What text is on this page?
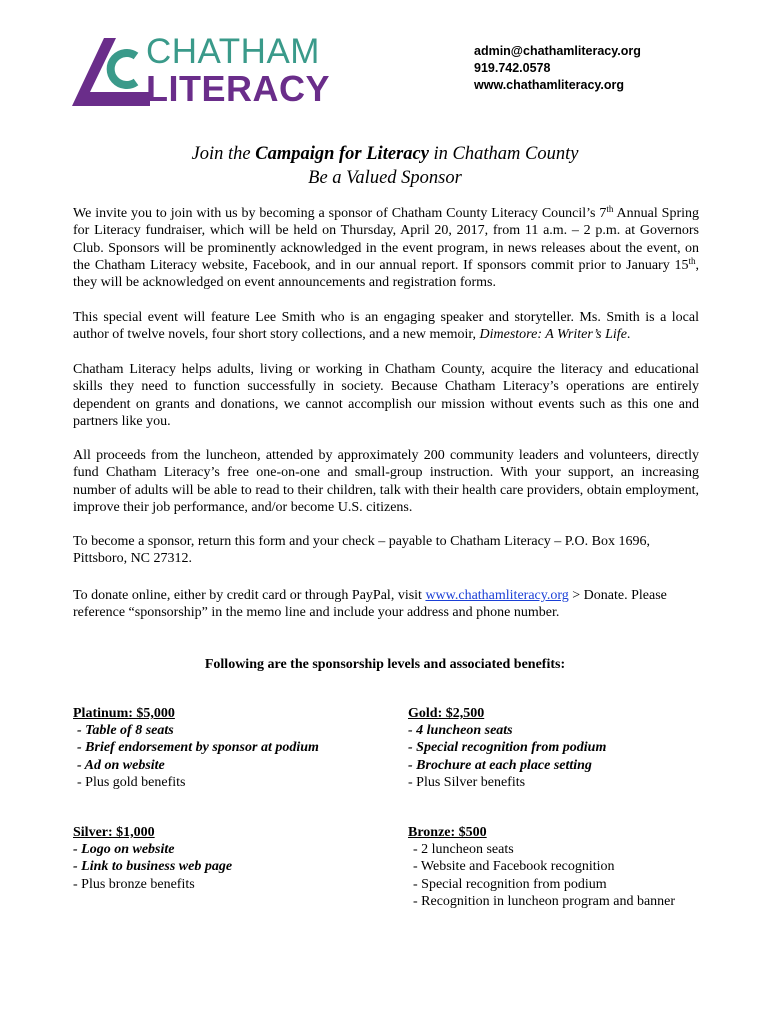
CHATHAM
LITERACY
admin@chathamliteracy.org
919.742.0578
www.chathamliteracy.org
Join the Campaign for Literacy in Chatham County
Be a Valued Sponsor
We invite you to join with us by becoming a sponsor of Chatham County Literacy Council’s 7th Annual Spring for Literacy fundraiser, which will be held on Thursday, April 20, 2017, from 11 a.m. – 2 p.m. at Governors Club. Sponsors will be prominently acknowledged in the event program, in news releases about the event, on the Chatham Literacy website, Facebook, and in our annual report. If sponsors commit prior to January 15th, they will be acknowledged on event announcements and registration forms.
This special event will feature Lee Smith who is an engaging speaker and storyteller. Ms. Smith is a local author of twelve novels, four short story collections, and a new memoir, Dimestore: A Writer’s Life.
Chatham Literacy helps adults, living or working in Chatham County, acquire the literacy and educational skills they need to function successfully in society. Because Chatham Literacy’s operations are entirely dependent on grants and donations, we cannot accomplish our mission without events such as this one and partners like you.
All proceeds from the luncheon, attended by approximately 200 community leaders and volunteers, directly fund Chatham Literacy’s free one-on-one and small-group instruction. With your support, an increasing number of adults will be able to read to their children, talk with their health care providers, obtain employment, improve their job performance, and/or become U.S. citizens.
To become a sponsor, return this form and your check – payable to Chatham Literacy – P.O. Box 1696,
Pittsboro, NC 27312.
To donate online, either by credit card or through PayPal, visit www.chathamliteracy.org > Donate. Please reference “sponsorship” in the memo line and include your address and phone number.
Following are the sponsorship levels and associated benefits:
Platinum: $5,000
- Table of 8 seats
- Brief endorsement by sponsor at podium
- Ad on website
- Plus gold benefits
Gold: $2,500
- 4 luncheon seats
- Special recognition from podium
- Brochure at each place setting
- Plus Silver benefits
Silver: $1,000
- Logo on website
- Link to business web page
- Plus bronze benefits
Bronze: $500
- 2 luncheon seats
- Website and Facebook recognition
- Special recognition from podium
- Recognition in luncheon program and banner
